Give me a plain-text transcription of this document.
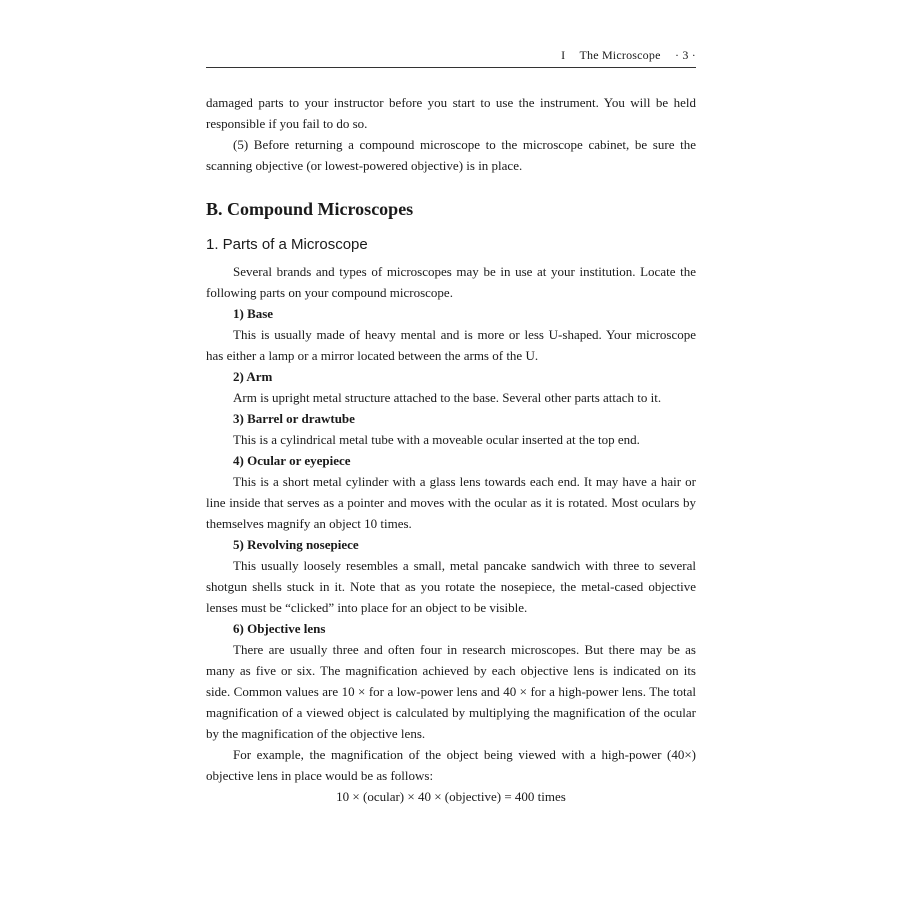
I The Microscope · 3 ·

damaged parts to your instructor before you start to use the instrument. You will be held responsible if you fail to do so.

(5) Before returning a compound microscope to the microscope cabinet, be sure the scanning objective (or lowest-powered objective) is in place.

B. Compound Microscopes
1. Parts of a Microscope

Several brands and types of microscopes may be in use at your institution. Locate the following parts on your compound microscope.

1) Base

This is usually made of heavy mental and is more or less U-shaped. Your microscope has either a lamp or a mirror located between the arms of the U.

2) Arm

Arm is upright metal structure attached to the base. Several other parts attach to it.

3) Barrel or drawtube

This is a cylindrical metal tube with a moveable ocular inserted at the top end.

4) Ocular or eyepiece

This is a short metal cylinder with a glass lens towards each end. It may have a hair or line inside that serves as a pointer and moves with the ocular as it is rotated. Most oculars by themselves magnify an object 10 times.

5) Revolving nosepiece

This usually loosely resembles a small, metal pancake sandwich with three to several shotgun shells stuck in it. Note that as you rotate the nosepiece, the metal-cased objective lenses must be “clicked” into place for an object to be visible.

6) Objective lens

There are usually three and often four in research microscopes. But there may be as many as five or six. The magnification achieved by each objective lens is indicated on its side. Common values are 10 × for a low-power lens and 40 × for a high-power lens. The total magnification of a viewed object is calculated by multiplying the magnification of the ocular by the magnification of the objective lens.

For example, the magnification of the object being viewed with a high-power (40×) objective lens in place would be as follows:

10 × (ocular) × 40 × (objective) = 400 times
